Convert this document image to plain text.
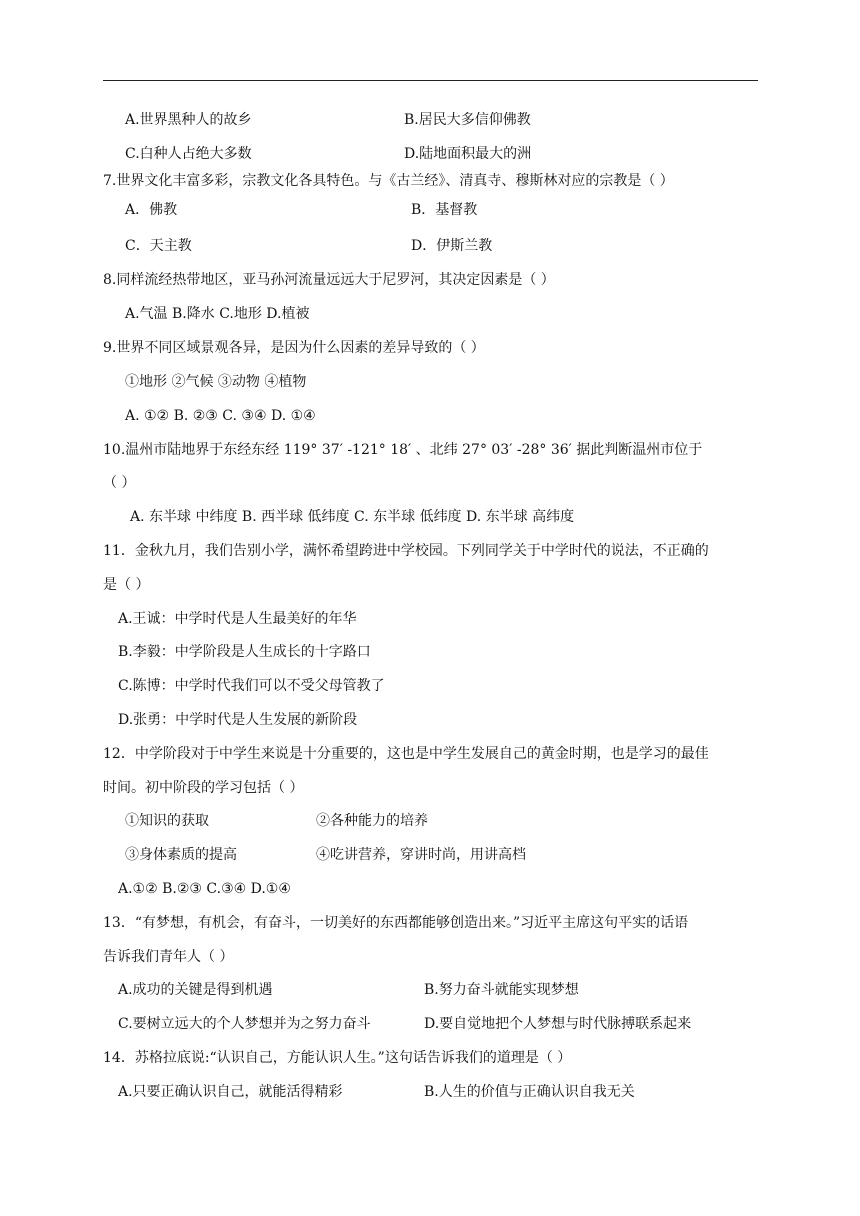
A.世界黑种人的故乡	B.居民大多信仰佛教
C.白种人占绝大多数	D.陆地面积最大的洲
7.世界文化丰富多彩，宗教文化各具特色。与《古兰经》、清真寺、穆斯林对应的宗教是（ ）
A．佛教	B．基督教
C．天主教	D．伊斯兰教
8.同样流经热带地区，亚马孙河流量远远大于尼罗河，其决定因素是（ ）
A.气温 B.降水 C.地形 D.植被
9.世界不同区域景观各异，是因为什么因素的差异导致的（ ）
①地形 ②气候 ③动物 ④植物
A. ①② B. ②③ C. ③④ D. ①④
10.温州市陆地界于东经东经 119° 37′ -121° 18′ 、北纬 27° 03′ -28° 36′ 据此判断温州市位于
（ ）
A. 东半球 中纬度 B. 西半球 低纬度 C. 东半球 低纬度 D. 东半球 高纬度
11．金秋九月，我们告别小学，满怀希望跨进中学校园。下列同学关于中学时代的说法，不正确的
是（ ）
A.王诚：中学时代是人生最美好的年华
B.李毅：中学阶段是人生成长的十字路口
C.陈博：中学时代我们可以不受父母管教了
D.张勇：中学时代是人生发展的新阶段
12．中学阶段对于中学生来说是十分重要的，这也是中学生发展自己的黄金时期，也是学习的最佳
时间。初中阶段的学习包括（ ）
①知识的获取	②各种能力的培养
③身体素质的提高	④吃讲营养，穿讲时尚，用讲高档
A.①② B.②③ C.③④ D.①④
13．“有梦想，有机会，有奋斗，一切美好的东西都能够创造出来。”习近平主席这句平实的话语
告诉我们青年人（ ）
A.成功的关键是得到机遇	B.努力奋斗就能实现梦想
C.要树立远大的个人梦想并为之努力奋斗	D.要自觉地把个人梦想与时代脉搏联系起来
14．苏格拉底说:“认识自己，方能认识人生。”这句话告诉我们的道理是（ ）
A.只要正确认识自己，就能活得精彩	B.人生的价值与正确认识自我无关
